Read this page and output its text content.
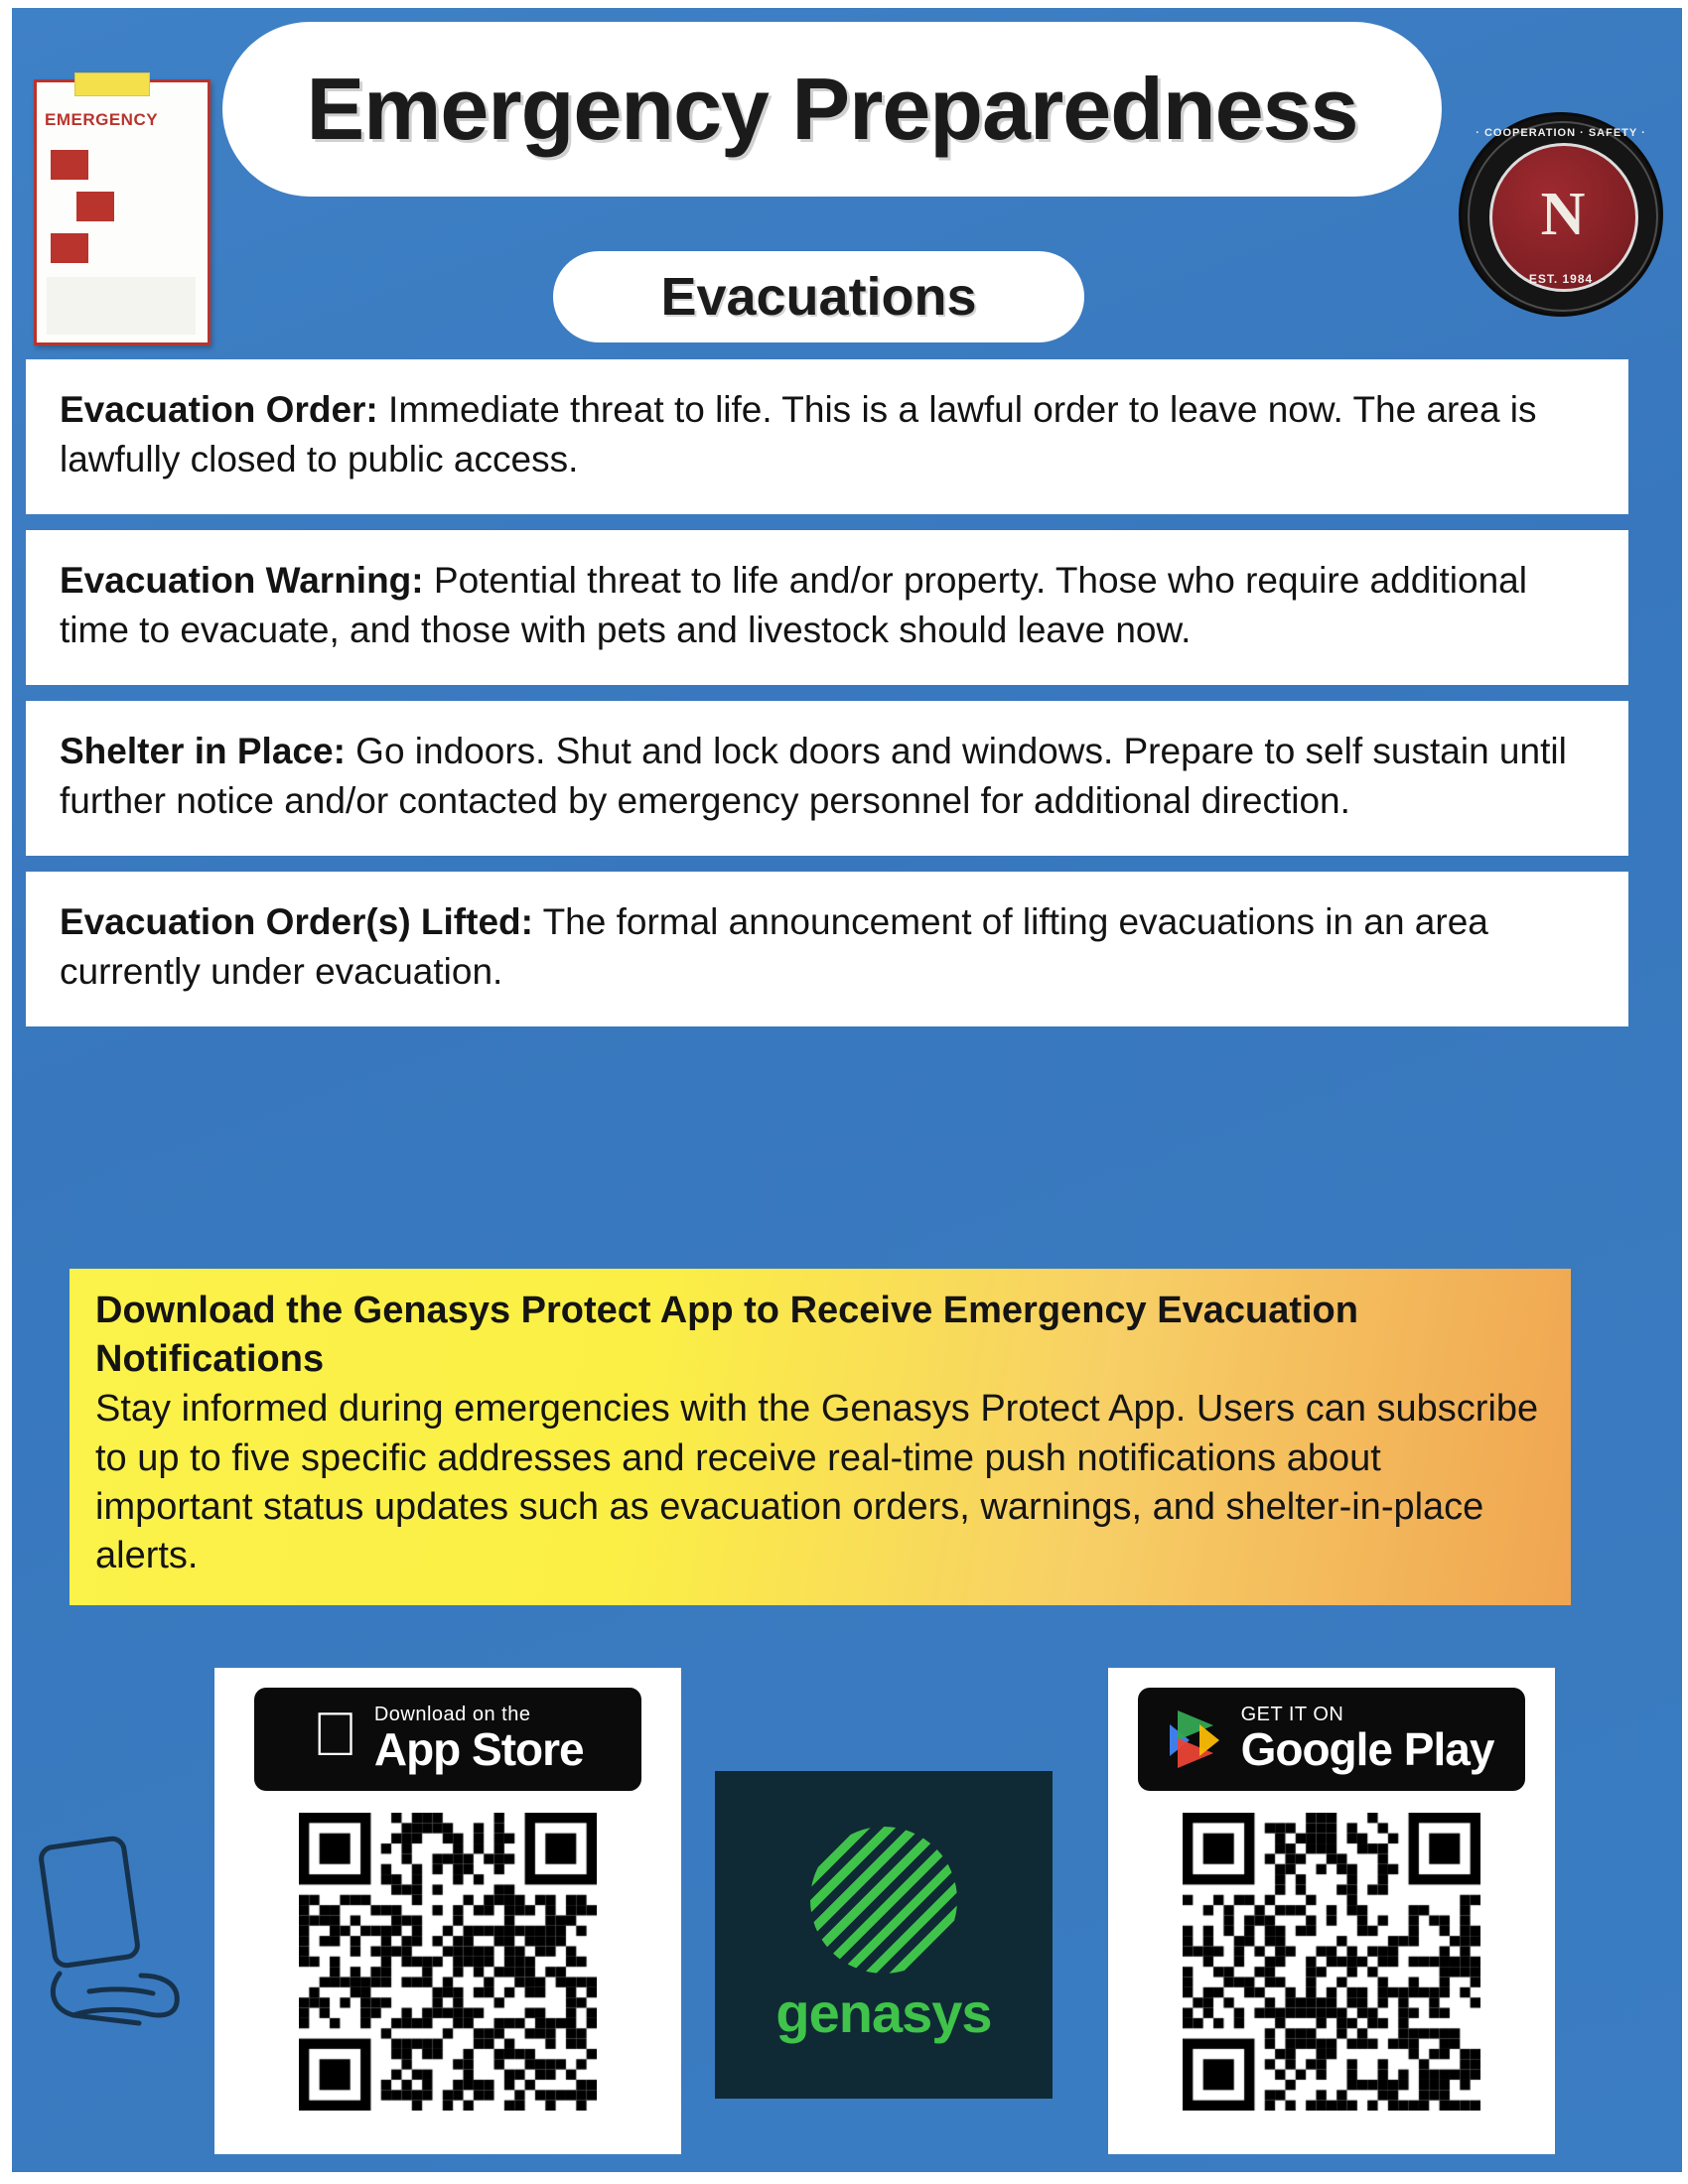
EMERGENCY Emergency Preparedness
Evacuations
· COOPERATION · SAFETY ·
N
EST. 1984

Evacuation Order: Immediate threat to life. This is a lawful order to leave now. The area is lawfully closed to public access.

Evacuation Warning: Potential threat to life and/or property. Those who require additional time to evacuate, and those with pets and livestock should leave now.

Shelter in Place: Go indoors. Shut and lock doors and windows. Prepare to self sustain until further notice and/or contacted by emergency personnel for additional direction.

Evacuation Order(s) Lifted: The formal announcement of lifting evacuations in an area currently under evacuation.

Download the Genasys Protect App to Receive Emergency Evacuation Notifications

Stay informed during emergencies with the Genasys Protect App. Users can subscribe to up to five specific addresses and receive real-time push notifications about important status updates such as evacuation orders, warnings, and shelter-in-place alerts.

Download on the
App Store
genasys
GET IT ON
Google Play
